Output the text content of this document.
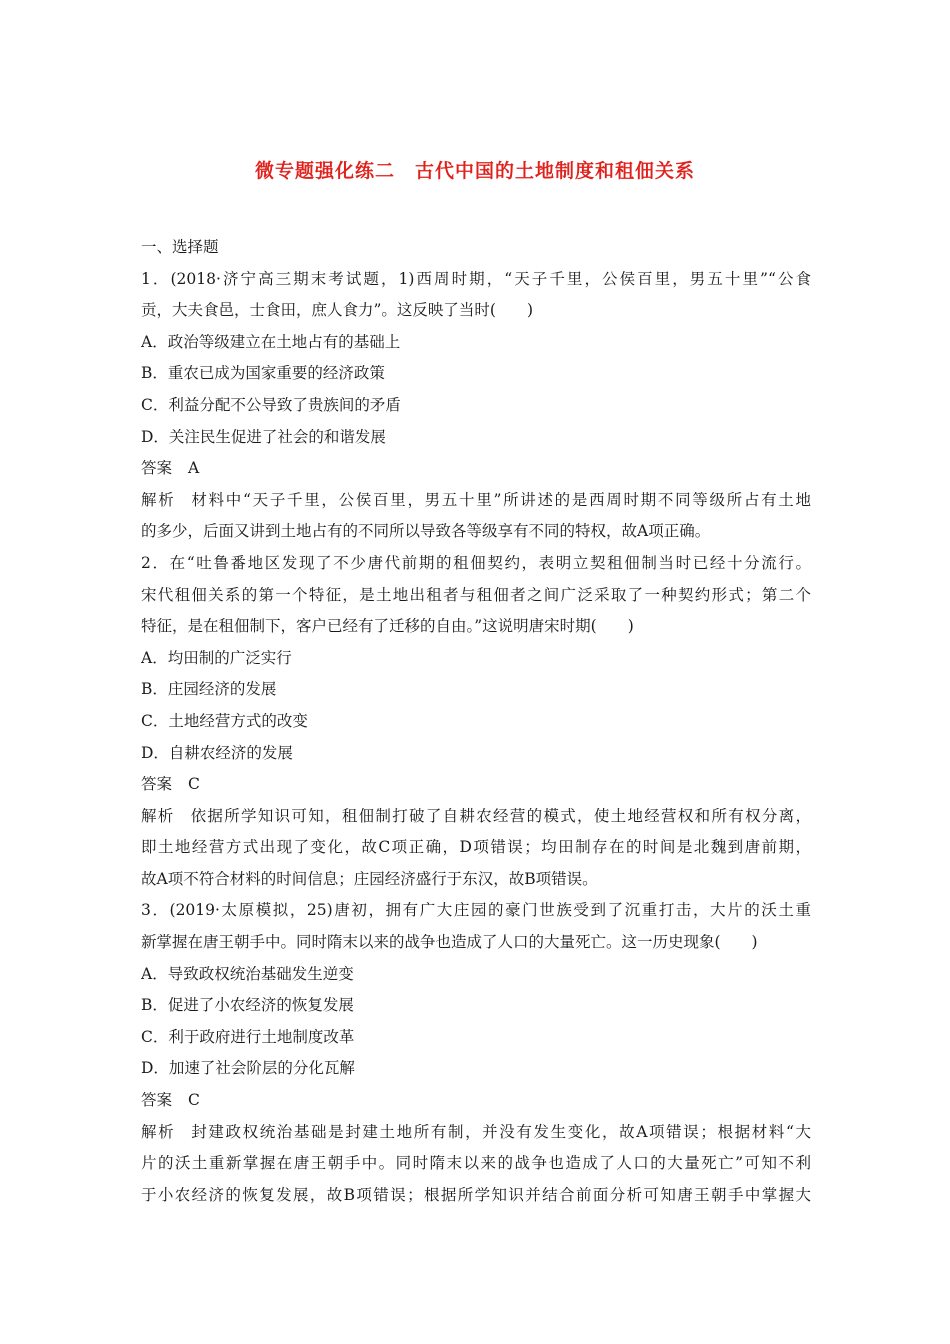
微专题强化练二　古代中国的土地制度和租佃关系
一、选择题
1．(2018·济宁高三期末考试题，1)西周时期，“天子千里，公侯百里，男五十里”“公食
贡，大夫食邑，士食田，庶人食力”。这反映了当时(　　)
A．政治等级建立在土地占有的基础上
B．重农已成为国家重要的经济政策
C．利益分配不公导致了贵族间的矛盾
D．关注民生促进了社会的和谐发展
答案 A
解析 材料中“天子千里，公侯百里，男五十里”所讲述的是西周时期不同等级所占有土地
的多少，后面又讲到土地占有的不同所以导致各等级享有不同的特权，故A项正确。
2．在“吐鲁番地区发现了不少唐代前期的租佃契约，表明立契租佃制当时已经十分流行。
宋代租佃关系的第一个特征，是土地出租者与租佃者之间广泛采取了一种契约形式；第二个
特征，是在租佃制下，客户已经有了迁移的自由。”这说明唐宋时期(　　)
A．均田制的广泛实行
B．庄园经济的发展
C．土地经营方式的改变
D．自耕农经济的发展
答案 C
解析 依据所学知识可知，租佃制打破了自耕农经营的模式，使土地经营权和所有权分离，
即土地经营方式出现了变化，故C项正确，D项错误；均田制存在的时间是北魏到唐前期，
故A项不符合材料的时间信息；庄园经济盛行于东汉，故B项错误。
3．(2019·太原模拟，25)唐初，拥有广大庄园的豪门世族受到了沉重打击，大片的沃土重
新掌握在唐王朝手中。同时隋末以来的战争也造成了人口的大量死亡。这一历史现象(　　)
A．导致政权统治基础发生逆变
B．促进了小农经济的恢复发展
C．利于政府进行土地制度改革
D．加速了社会阶层的分化瓦解
答案 C
解析 封建政权统治基础是封建土地所有制，并没有发生变化，故A项错误；根据材料“大
片的沃土重新掌握在唐王朝手中。同时隋末以来的战争也造成了人口的大量死亡”可知不利
于小农经济的恢复发展，故B项错误；根据所学知识并结合前面分析可知唐王朝手中掌握大
